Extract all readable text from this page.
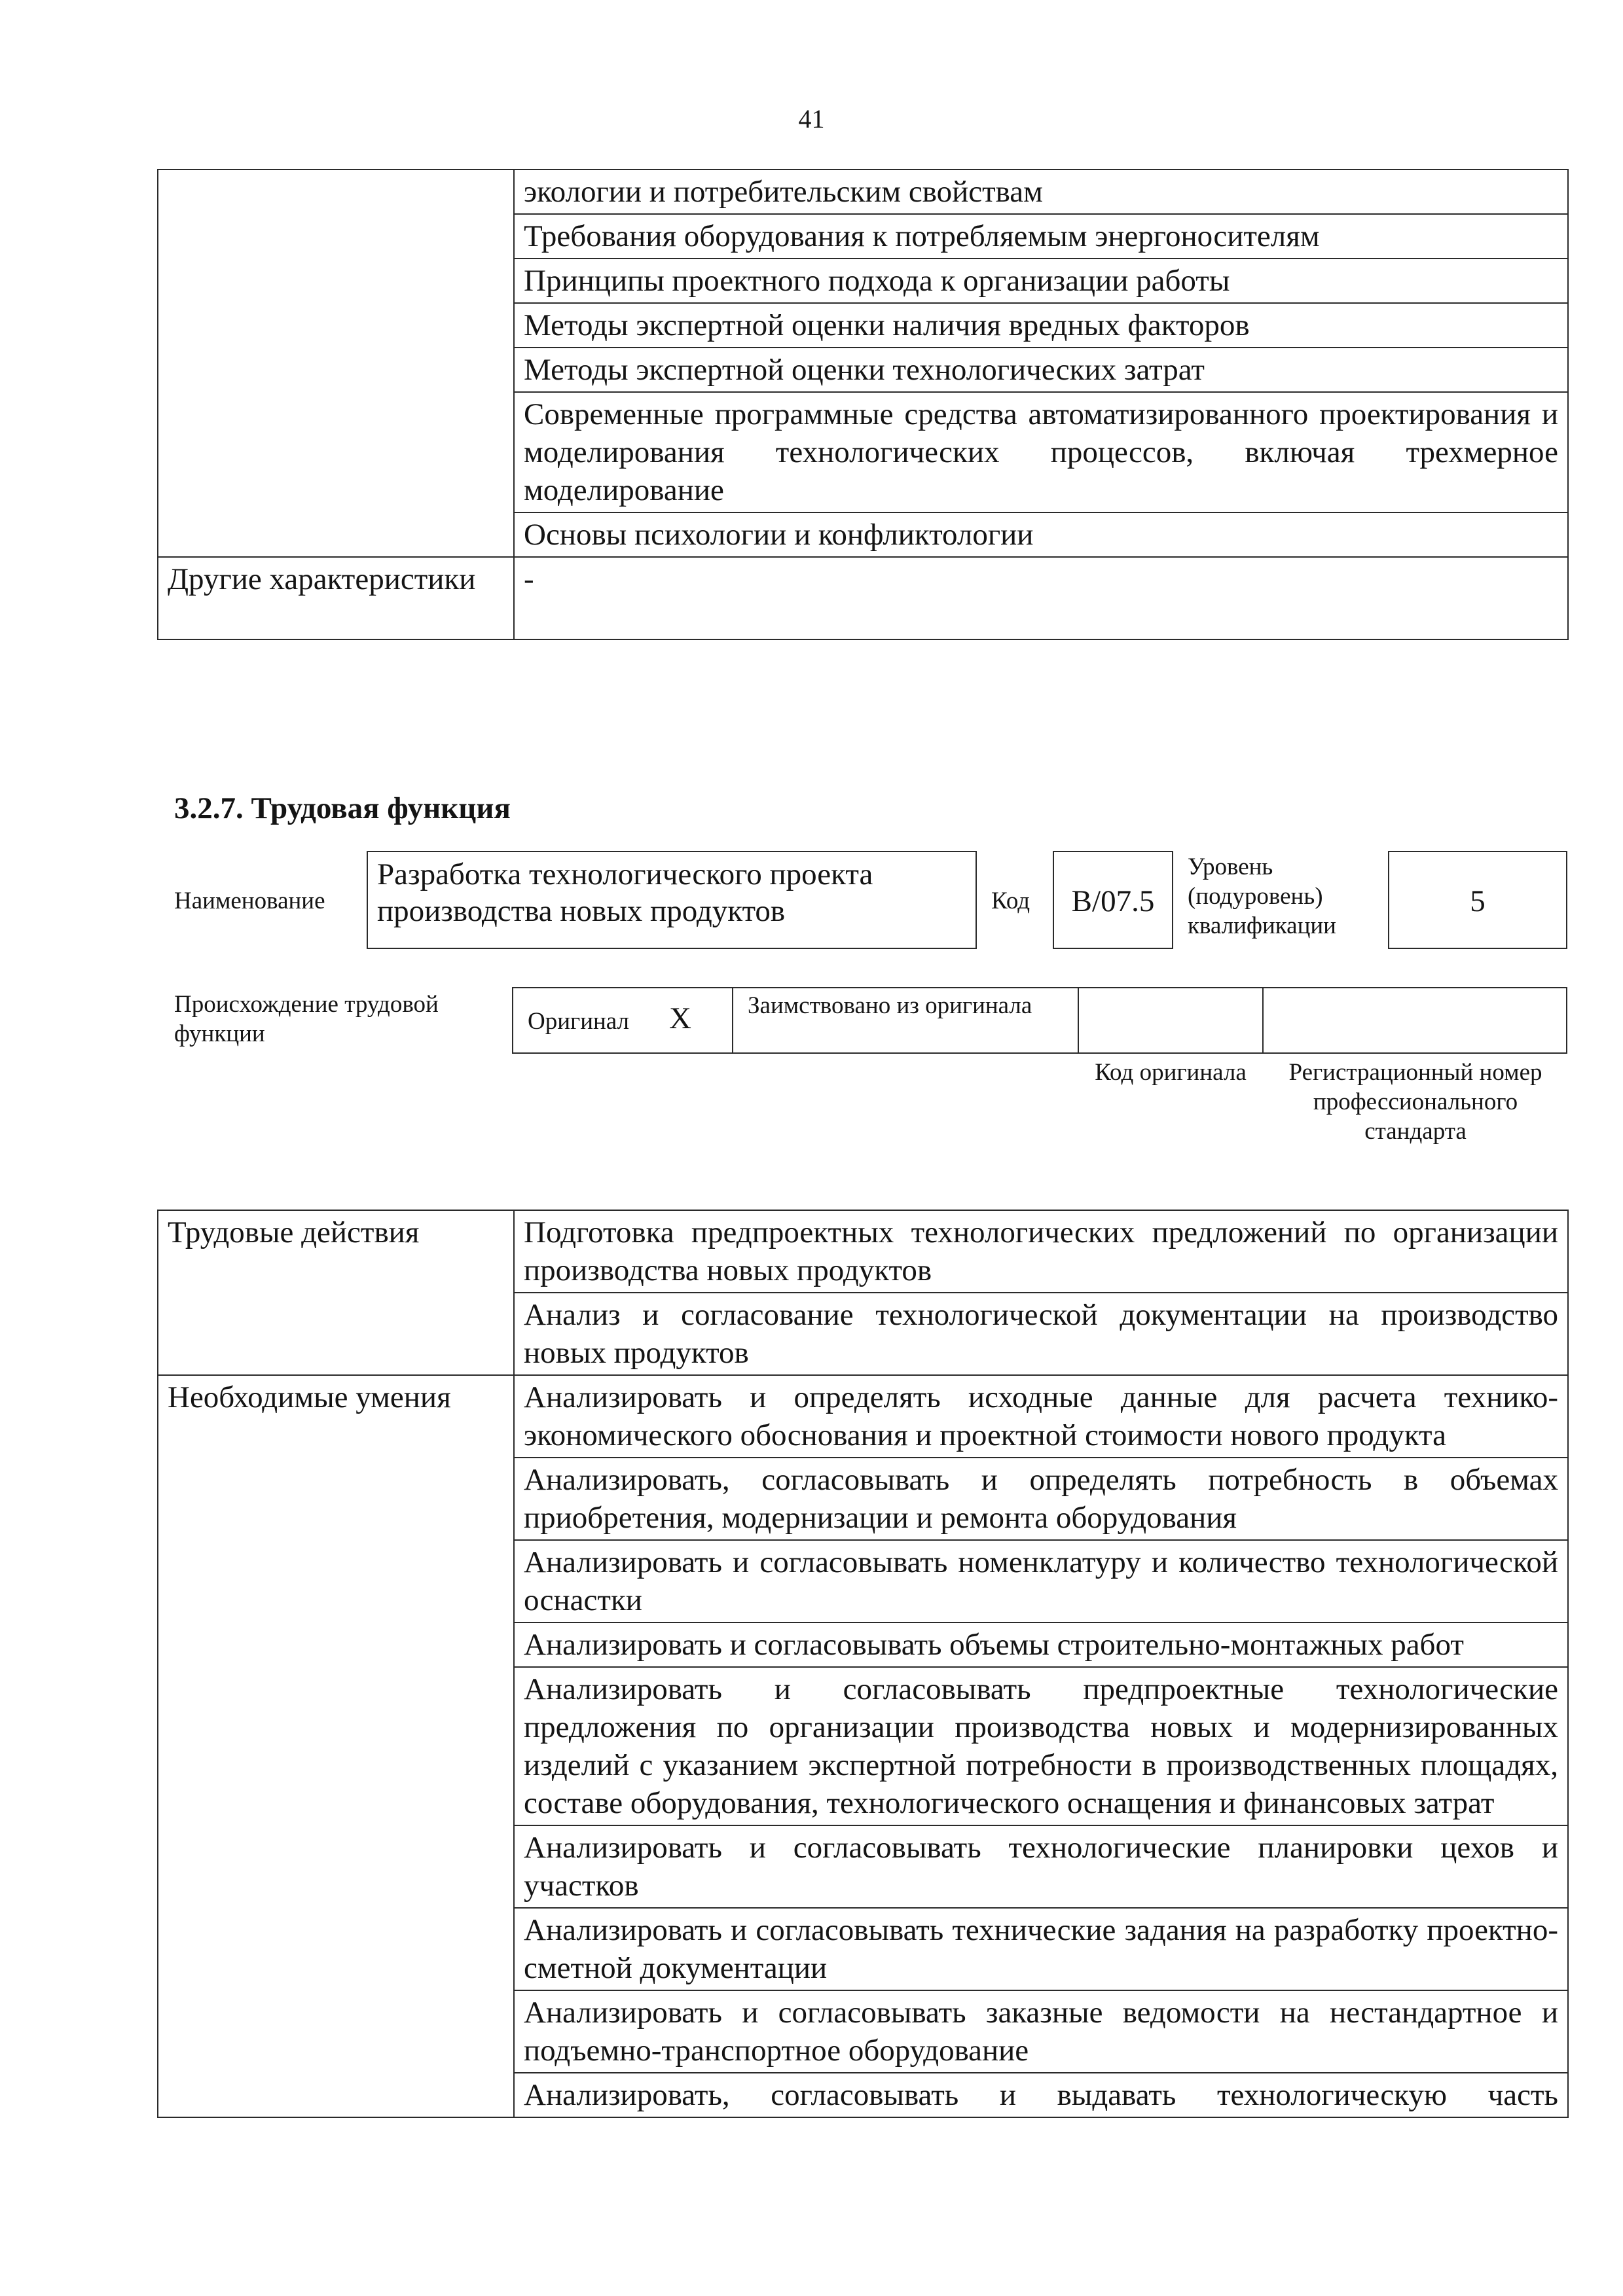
41
	экологии и потребительским свойствам
	Требования оборудования к потребляемым энергоносителям
	Принципы проектного подхода к организации работы
	Методы экспертной оценки наличия вредных факторов
	Методы экспертной оценки технологических затрат
	Современные программные средства автоматизированного проектирования и моделирования технологических процессов, включая трехмерное моделирование
	Основы психологии и конфликтологии
Другие характеристики	-
3.2.7. Трудовая функция
Наименование
Разработка технологического проекта производства новых продуктов	Код	B/07.5
Уровень (подуровень) квалификации
5
Происхождение трудовой функции	Оригинал X Заимствовано из оригинала
Код оригинала	Регистрационный номер профессионального стандарта
Трудовые действия	Подготовка предпроектных технологических предложений по организации производства новых продуктов
	Анализ и согласование технологической документации на производство новых продуктов
Необходимые умения	Анализировать и определять исходные данные для расчета технико-экономического обоснования и проектной стоимости нового продукта
	Анализировать, согласовывать и определять потребность в объемах приобретения, модернизации и ремонта оборудования
	Анализировать и согласовывать номенклатуру и количество технологической оснастки
	Анализировать и согласовывать объемы строительно-монтажных работ
	Анализировать и согласовывать предпроектные технологические предложения по организации производства новых и модернизированных изделий с указанием экспертной потребности в производственных площадях, составе оборудования, технологического оснащения и финансовых затрат
	Анализировать и согласовывать технологические планировки цехов и участков
	Анализировать и согласовывать технические задания на разработку проектно-сметной документации
	Анализировать и согласовывать заказные ведомости на нестандартное и подъемно-транспортное оборудование
	Анализировать, согласовывать и выдавать технологическую часть
